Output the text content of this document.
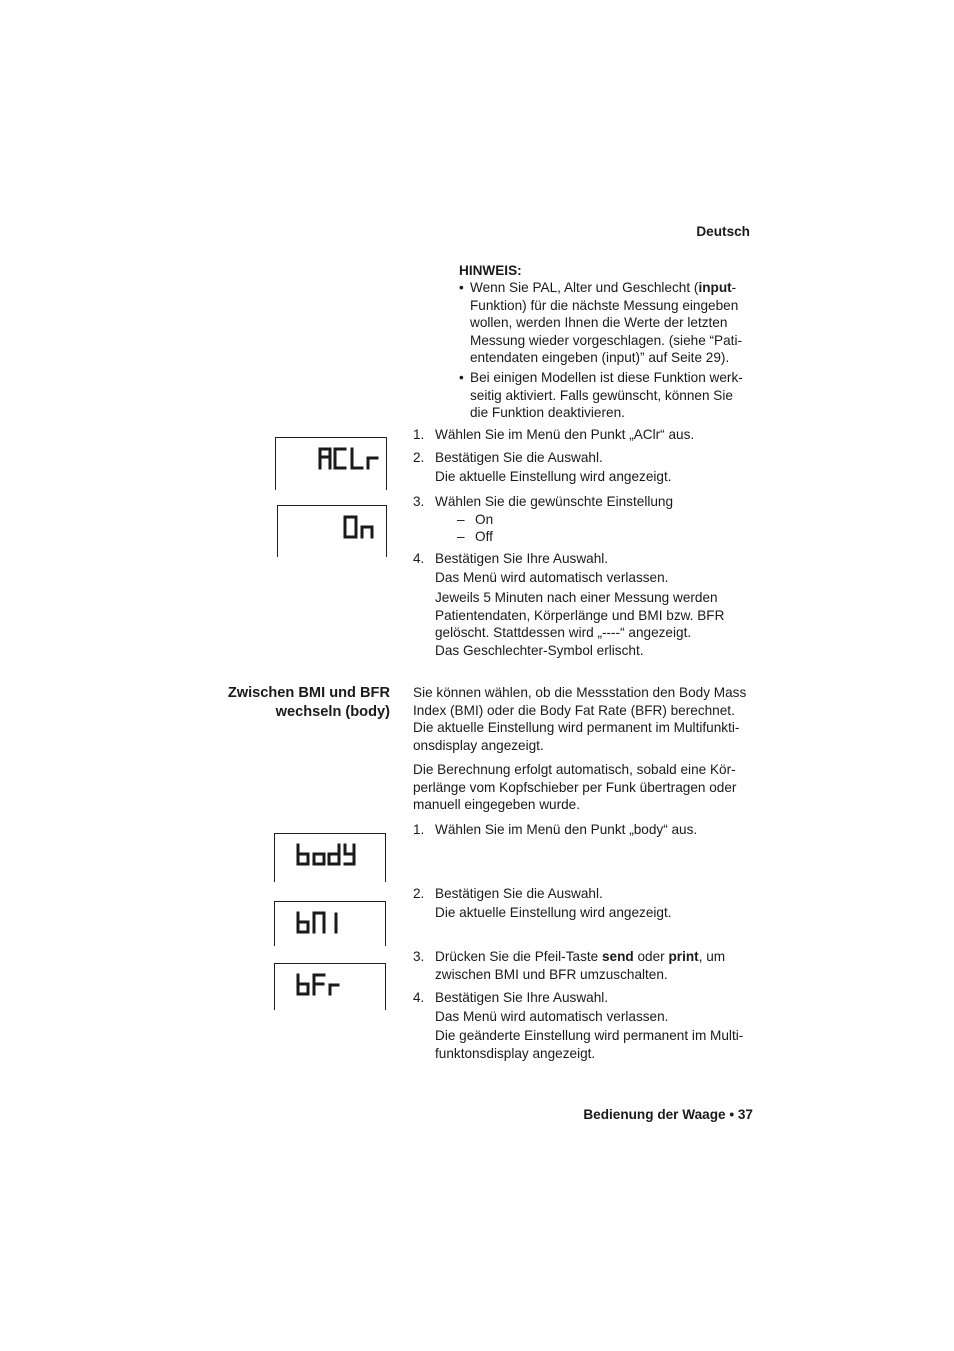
Deutsch
HINWEIS:
• Wenn Sie PAL, Alter und Geschlecht (input-

Funktion) für die nächste Messung eingeben

wollen, werden Ihnen die Werte der letzten

Messung wieder vorgeschlagen. (siehe “Pati-

entendaten eingeben (input)” auf Seite 29).

• Bei einigen Modellen ist diese Funktion werk-

seitig aktiviert. Falls gewünscht, können Sie

die Funktion deaktivieren.

1. Wählen Sie im Menü den Punkt „AClr“ aus.

2. Bestätigen Sie die Auswahl.

Die aktuelle Einstellung wird angezeigt.

3. Wählen Sie die gewünschte Einstellung

– On

– Off

4. Bestätigen Sie Ihre Auswahl.

Das Menü wird automatisch verlassen.

Jeweils 5 Minuten nach einer Messung werden

Patientendaten, Körperlänge und BMI bzw. BFR

gelöscht. Stattdessen wird „----“ angezeigt.

Das Geschlechter-Symbol erlischt.

Zwischen BMI und BFR

wechseln (body)

Sie können wählen, ob die Messstation den Body Mass

Index (BMI) oder die Body Fat Rate (BFR) berechnet.

Die aktuelle Einstellung wird permanent im Multifunkti-

onsdisplay angezeigt.

Die Berechnung erfolgt automatisch, sobald eine Kör-

perlänge vom Kopfschieber per Funk übertragen oder

manuell eingegeben wurde.

1. Wählen Sie im Menü den Punkt „body“ aus.

2. Bestätigen Sie die Auswahl.

Die aktuelle Einstellung wird angezeigt.

3. Drücken Sie die Pfeil-Taste send oder print, um

zwischen BMI und BFR umzuschalten.

4. Bestätigen Sie Ihre Auswahl.

Das Menü wird automatisch verlassen.

Die geänderte Einstellung wird permanent im Multi-

funktonsdisplay angezeigt.

Bedienung der Waage • 37
